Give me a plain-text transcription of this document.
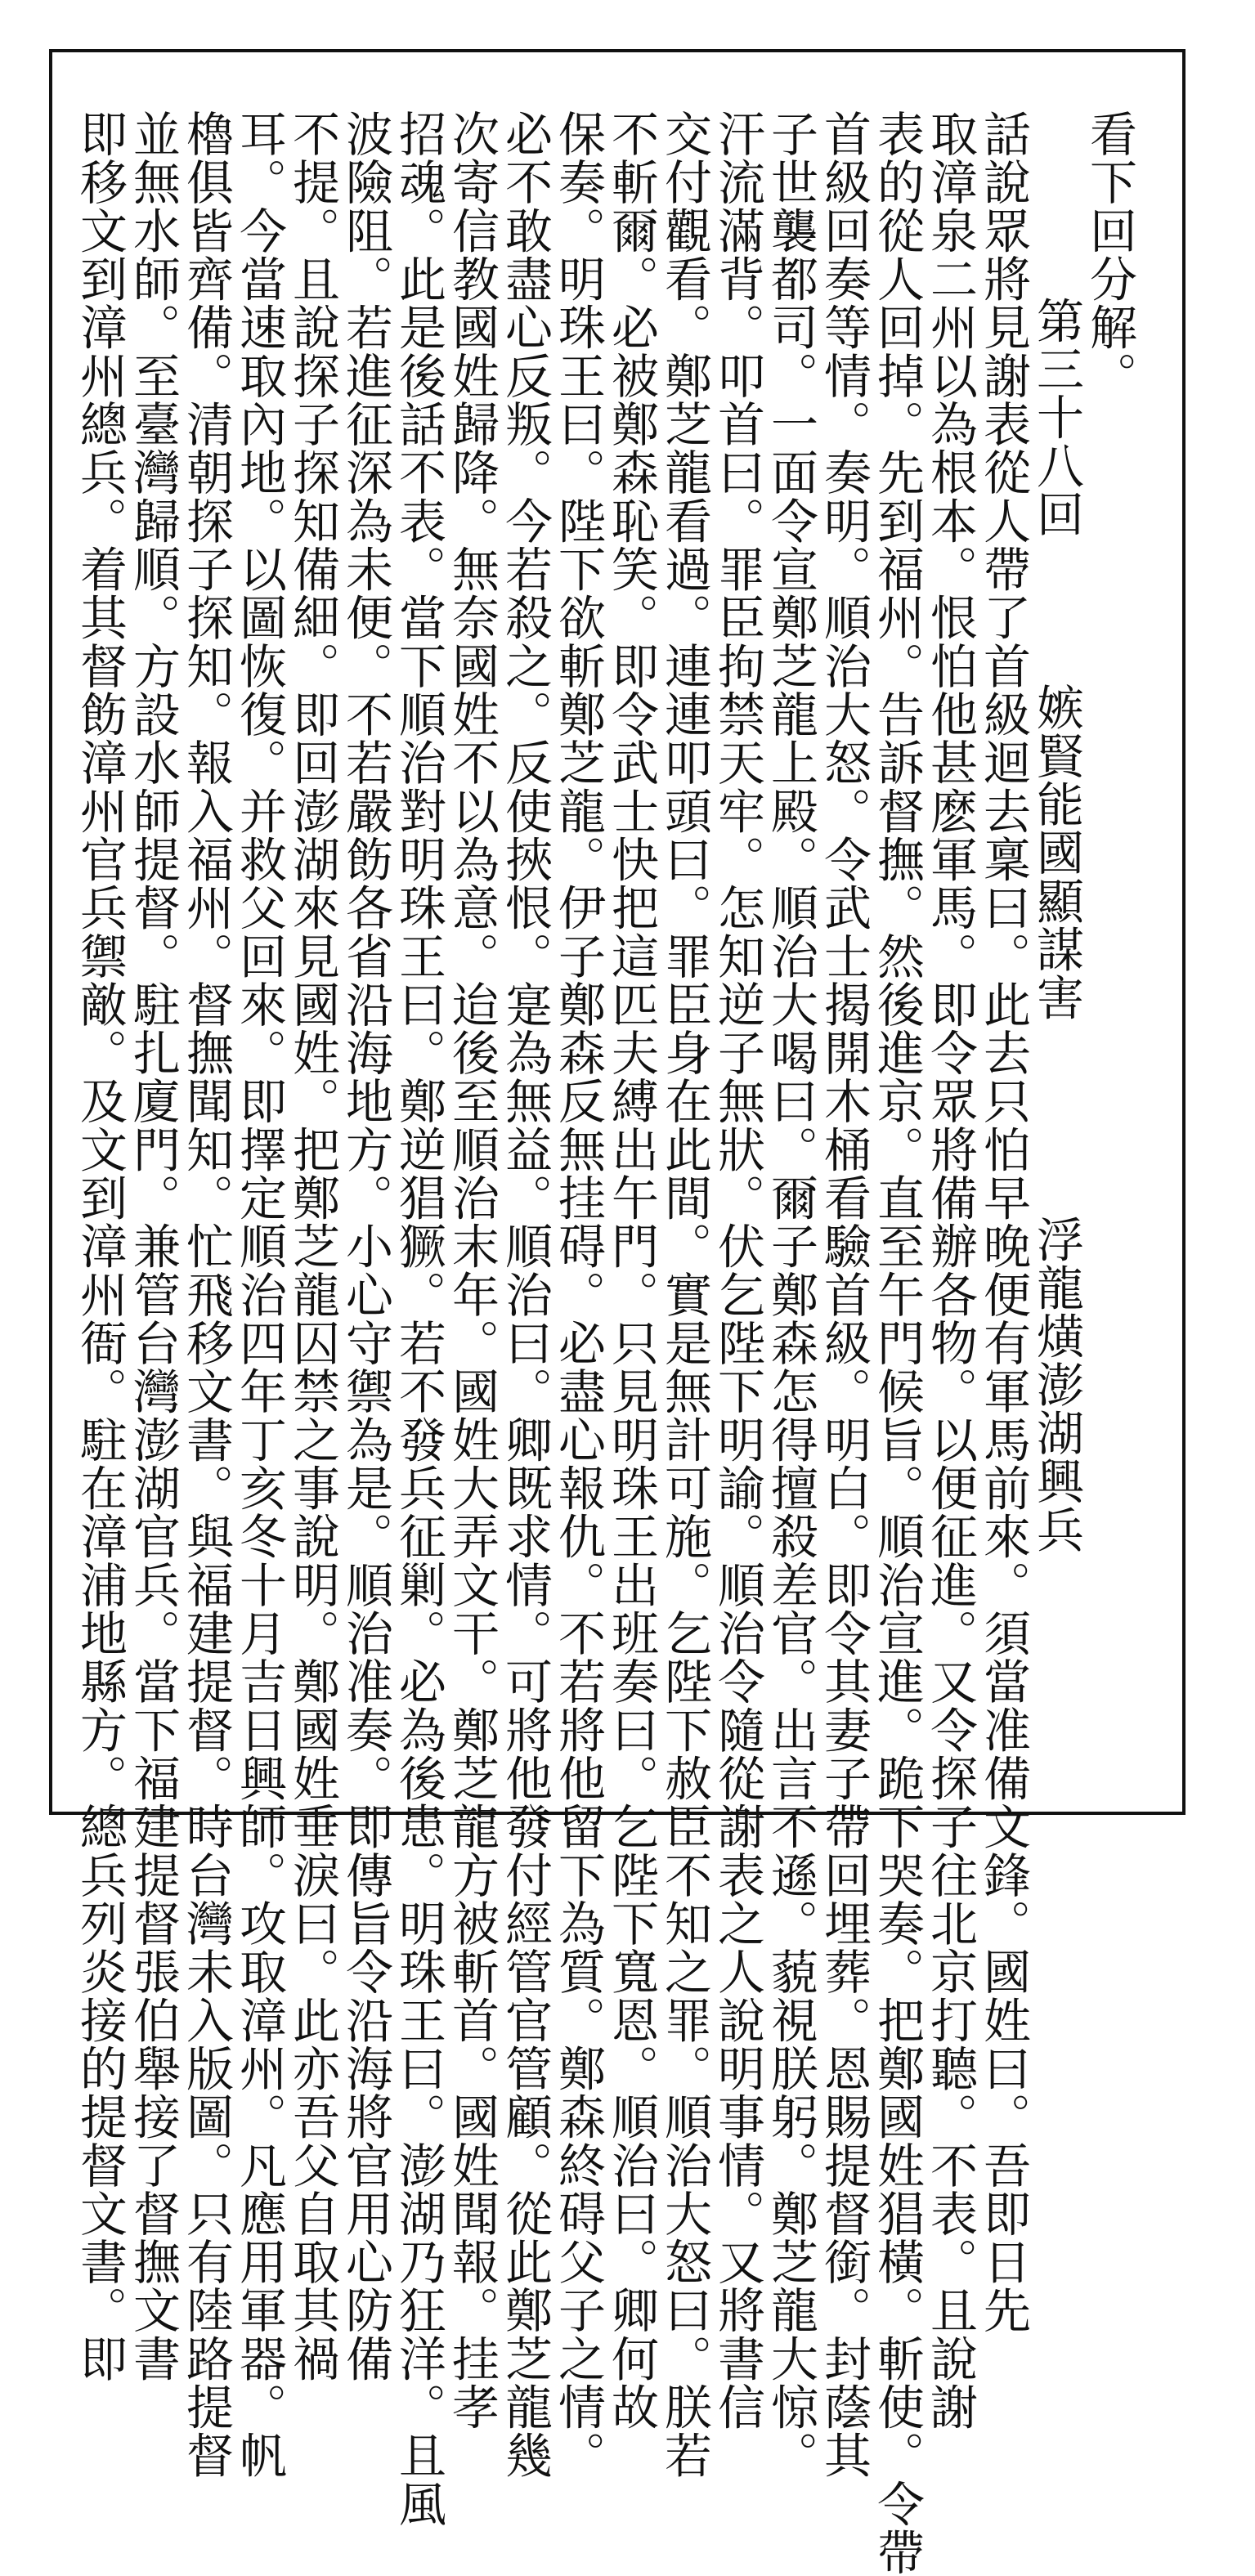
看下回分解。
　　第三十八回　　　嫉賢能國顯謀害　　　　浮龍熿澎湖興兵
話說眾將見謝表從人帶了首級迴去稟曰。此去只怕早晚便有軍馬前來。須當准備文鋒。國姓曰。吾即日先
取漳泉二州以為根本。恨怕他甚麽軍馬。即令眾將備辦各物。以便征進。又令探子往北京打聽。不表。且說謝
表的從人回掉。先到福州。告訴督撫。然後進京。直至午門候旨。順治宣進。跪下哭奏。把鄭國姓猖橫。斬使。令帶
首級回奏等情。奏明。順治大怒。令武士揭開木桶看驗首級。明白。即令其妻子帶回埋葬。恩賜提督銜。封蔭其
子世襲都司。一面令宣鄭芝龍上殿。順治大喝曰。爾子鄭森怎得擅殺差官。出言不遜。藐視朕躬。鄭芝龍大惊。
汗流滿背。叩首曰。罪臣拘禁天牢。怎知逆子無狀。伏乞陛下明諭。順治令隨從謝表之人說明事情。又將書信
交付觀看。鄭芝龍看過。連連叩頭曰。罪臣身在此間。實是無計可施。乞陛下赦臣不知之罪。順治大怒曰。朕若
不斬爾。必被鄭森恥笑。即令武士快把這匹夫縛出午門。只見明珠王出班奏曰。乞陛下寬恩。順治曰。卿何故
保奏。明珠王曰。陛下欲斬鄭芝龍。伊子鄭森反無挂碍。必盡心報仇。不若將他留下為質。鄭森終碍父子之情。
必不敢盡心反叛。今若殺之。反使挾恨。寔為無益。順治曰。卿既求情。可將他發付經管官管顧。從此鄭芝龍幾
次寄信教國姓歸降。無奈國姓不以為意。迨後至順治末年。國姓大弄文干。鄭芝龍方被斬首。國姓聞報。挂孝
招魂。此是後話不表。當下順治對明珠王曰。鄭逆猖獗。若不發兵征剿。必為後患。明珠王曰。澎湖乃狂洋。且風
波險阻。若進征深為未便。不若嚴飭各省沿海地方。小心守禦為是。順治准奏。即傳旨令沿海將官用心防備
不提。且說探子探知備細。即回澎湖來見國姓。把鄭芝龍囚禁之事說明。鄭國姓垂淚曰。此亦吾父自取其禍
耳。今當速取內地。以圖恢復。并救父回來。即擇定順治四年丁亥冬十月吉日興師。攻取漳州。凡應用軍器。帆
櫓俱皆齊備。清朝探子探知。報入福州。督撫聞知。忙飛移文書。與福建提督。時台灣未入版圖。只有陸路提督
並無水師。至臺灣歸順。方設水師提督。駐扎廈門。兼管台灣澎湖官兵。當下福建提督張伯舉接了督撫文書
即移文到漳州總兵。着其督飭漳州官兵禦敵。及文到漳州衙。駐在漳浦地縣方。總兵列炎接的提督文書。即
